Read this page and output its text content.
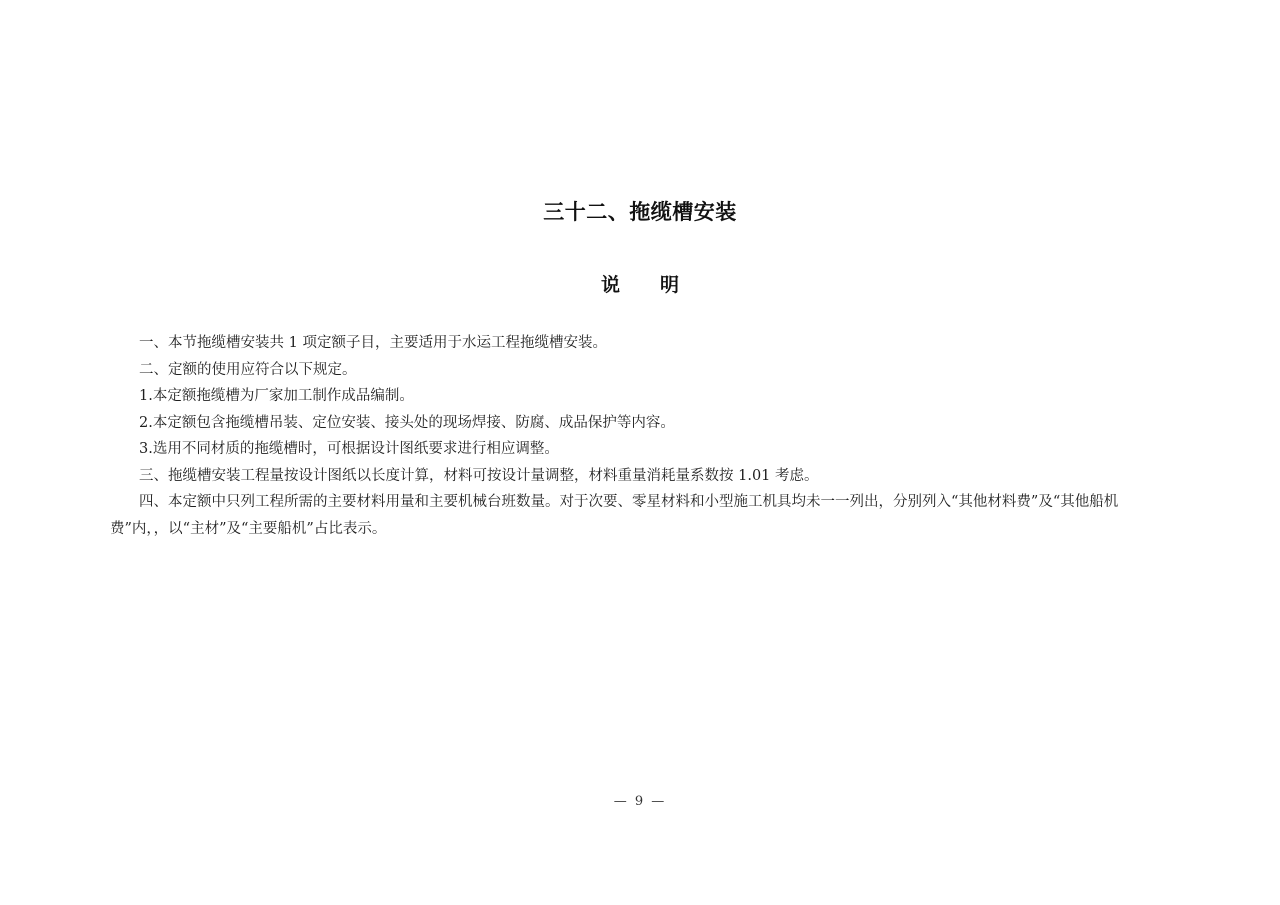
三十二、拖缆槽安装
说 明

一、本节拖缆槽安装共 1 项定额子目，主要适用于水运工程拖缆槽安装。

二、定额的使用应符合以下规定。

1.本定额拖缆槽为厂家加工制作成品编制。

2.本定额包含拖缆槽吊装、定位安装、接头处的现场焊接、防腐、成品保护等内容。

3.选用不同材质的拖缆槽时，可根据设计图纸要求进行相应调整。

三、拖缆槽安装工程量按设计图纸以长度计算，材料可按设计量调整，材料重量消耗量系数按 1.01 考虑。

四、本定额中只列工程所需的主要材料用量和主要机械台班数量。对于次要、零星材料和小型施工机具均未一一列出，分别列入“其他材料费”及“其他船机费”内，，以“主材”及“主要船机”占比表示。

— 9 —
